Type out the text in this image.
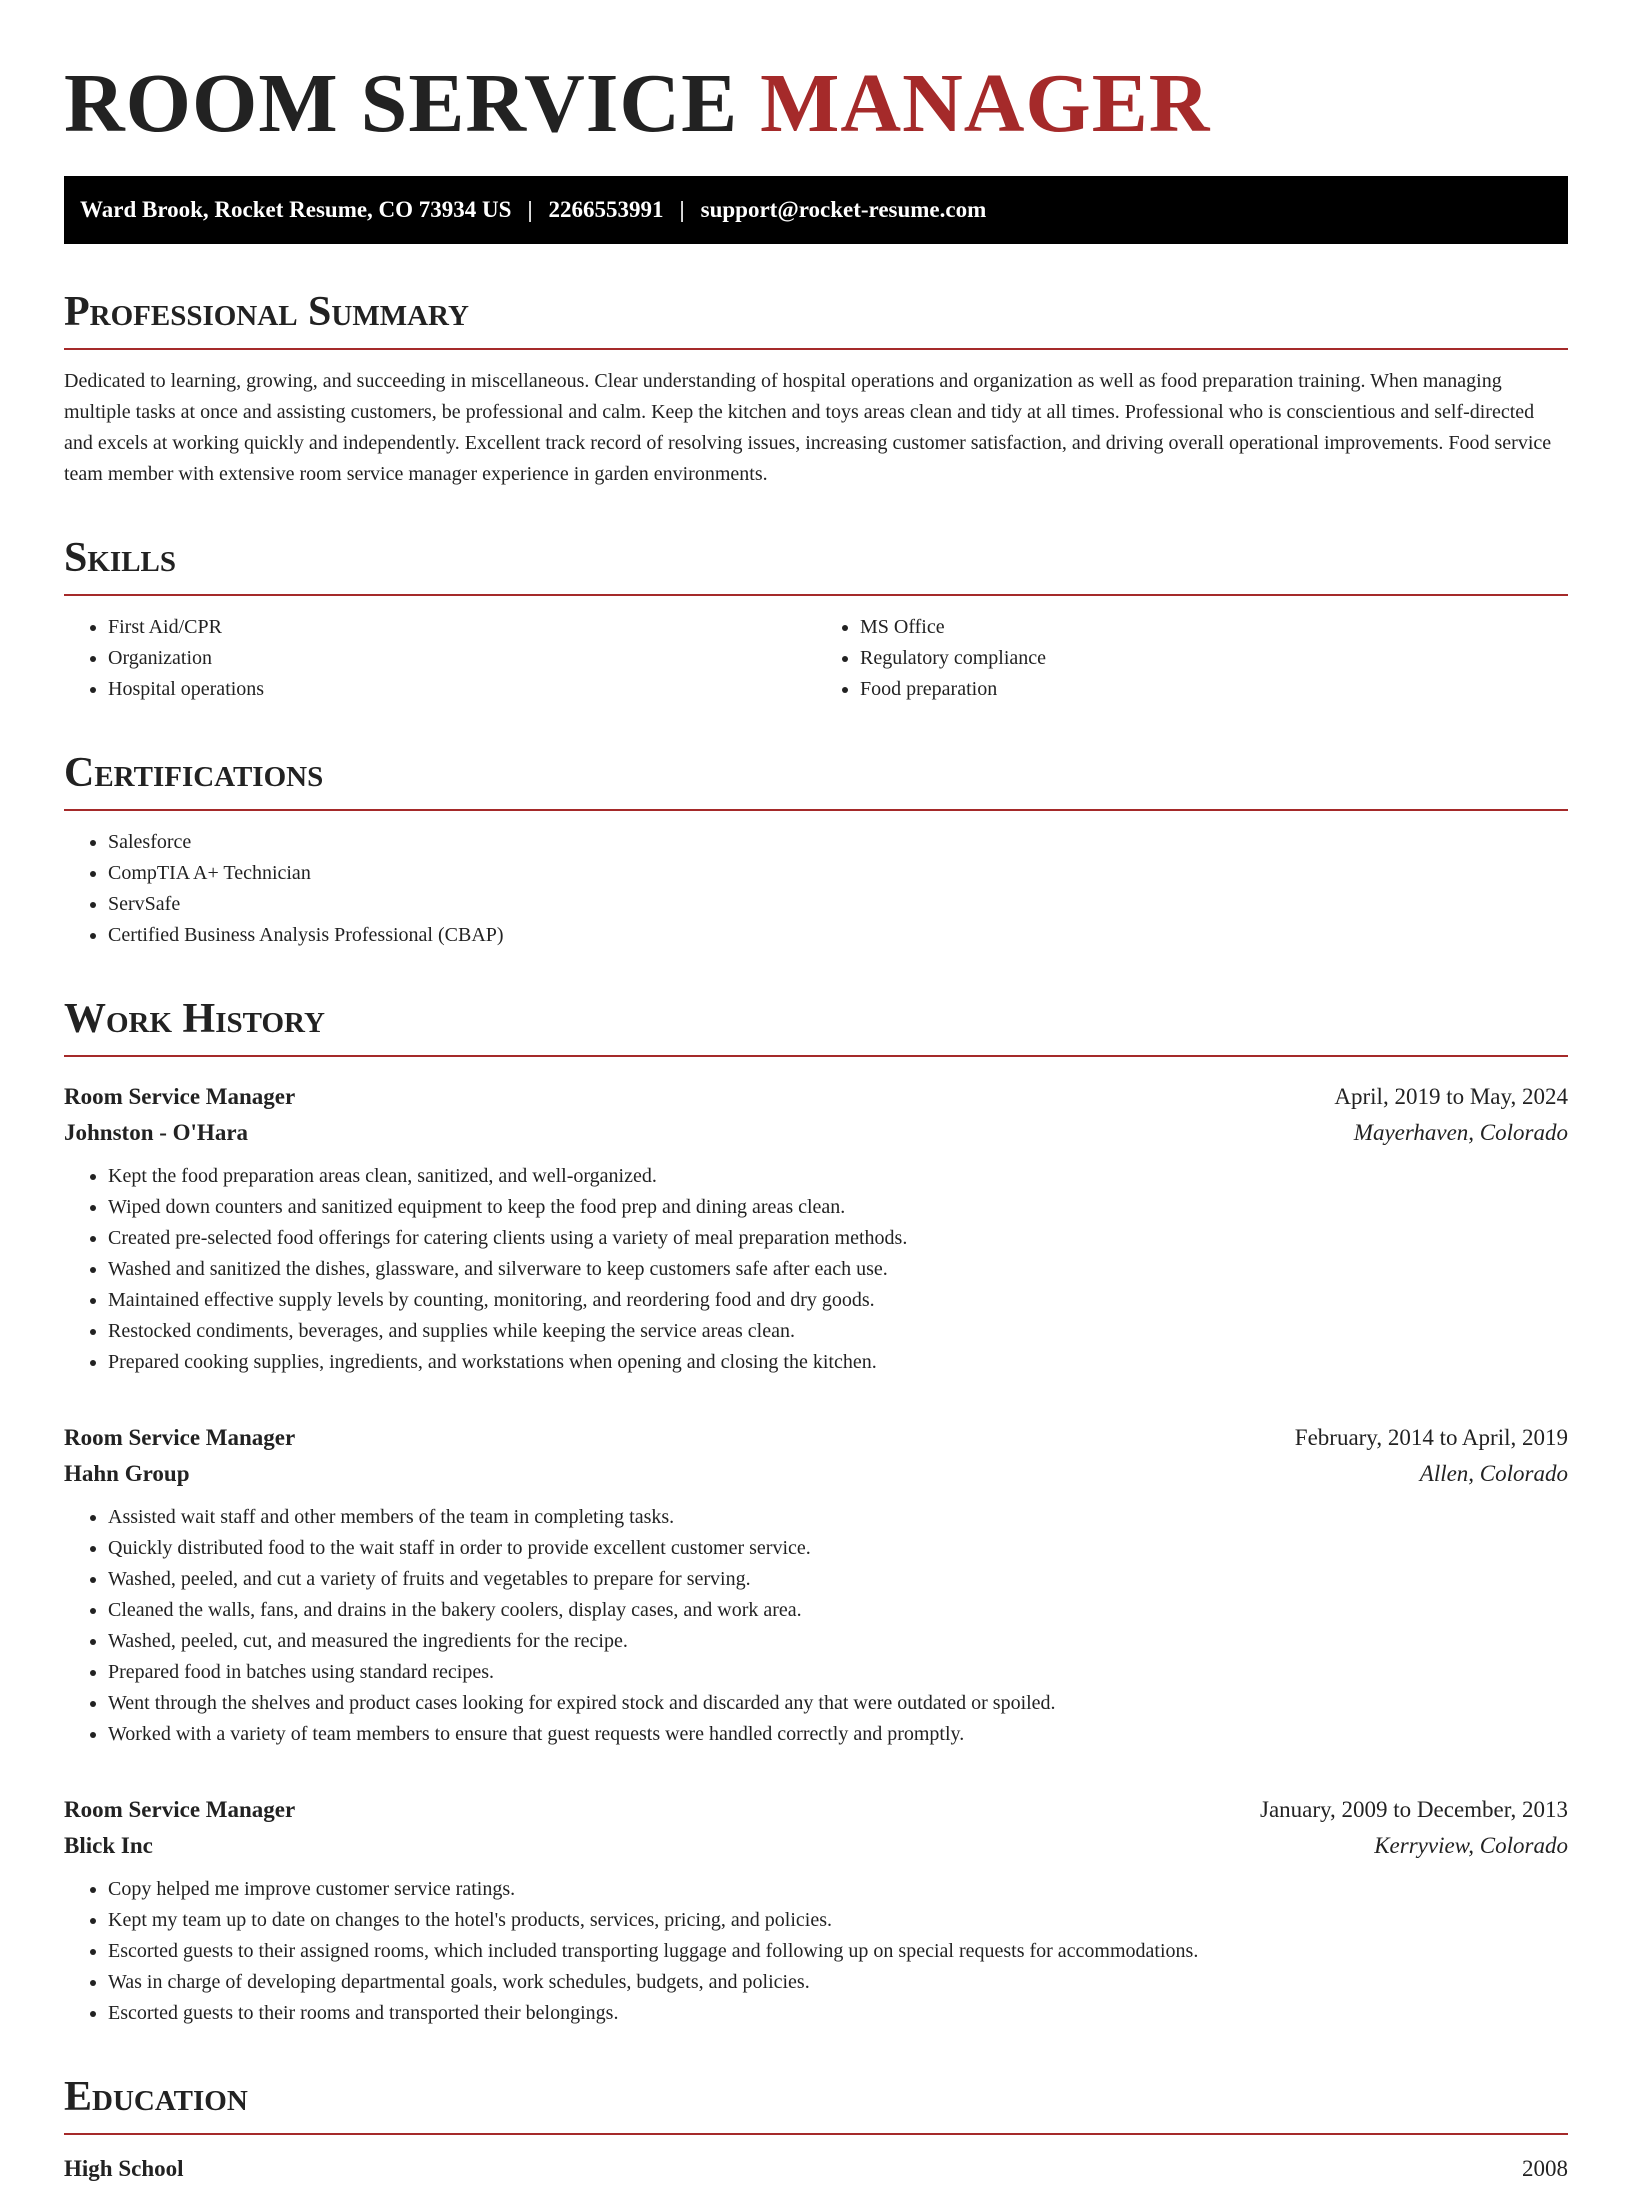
ROOM SERVICE MANAGER
Ward Brook, Rocket Resume, CO 73934 US | 2266553991 | support@rocket-resume.com
Professional Summary

Dedicated to learning, growing, and succeeding in miscellaneous. Clear understanding of hospital operations and organization as well as food preparation training. When managing multiple tasks at once and assisting customers, be professional and calm. Keep the kitchen and toys areas clean and tidy at all times. Professional who is conscientious and self-directed and excels at working quickly and independently. Excellent track record of resolving issues, increasing customer satisfaction, and driving overall operational improvements. Food service team member with extensive room service manager experience in garden environments.

Skills
• First Aid/CPR
• Organization
• Hospital operations
• MS Office
• Regulatory compliance
• Food preparation
Certifications
• Salesforce
• CompTIA A+ Technician
• ServSafe
• Certified Business Analysis Professional (CBAP)
Work History
Room Service Manager	April, 2019 to May, 2024
Johnston - O'Hara	Mayerhaven, Colorado
• Kept the food preparation areas clean, sanitized, and well-organized.
• Wiped down counters and sanitized equipment to keep the food prep and dining areas clean.
• Created pre-selected food offerings for catering clients using a variety of meal preparation methods.
• Washed and sanitized the dishes, glassware, and silverware to keep customers safe after each use.
• Maintained effective supply levels by counting, monitoring, and reordering food and dry goods.
• Restocked condiments, beverages, and supplies while keeping the service areas clean.
• Prepared cooking supplies, ingredients, and workstations when opening and closing the kitchen.
Room Service Manager	February, 2014 to April, 2019
Hahn Group	Allen, Colorado
• Assisted wait staff and other members of the team in completing tasks.
• Quickly distributed food to the wait staff in order to provide excellent customer service.
• Washed, peeled, and cut a variety of fruits and vegetables to prepare for serving.
• Cleaned the walls, fans, and drains in the bakery coolers, display cases, and work area.
• Washed, peeled, cut, and measured the ingredients for the recipe.
• Prepared food in batches using standard recipes.
• Went through the shelves and product cases looking for expired stock and discarded any that were outdated or spoiled.
• Worked with a variety of team members to ensure that guest requests were handled correctly and promptly.
Room Service Manager	January, 2009 to December, 2013
Blick Inc	Kerryview, Colorado
• Copy helped me improve customer service ratings.
• Kept my team up to date on changes to the hotel's products, services, pricing, and policies.
• Escorted guests to their assigned rooms, which included transporting luggage and following up on special requests for accommodations.
• Was in charge of developing departmental goals, work schedules, budgets, and policies.
• Escorted guests to their rooms and transported their belongings.
Education
High School	2008
